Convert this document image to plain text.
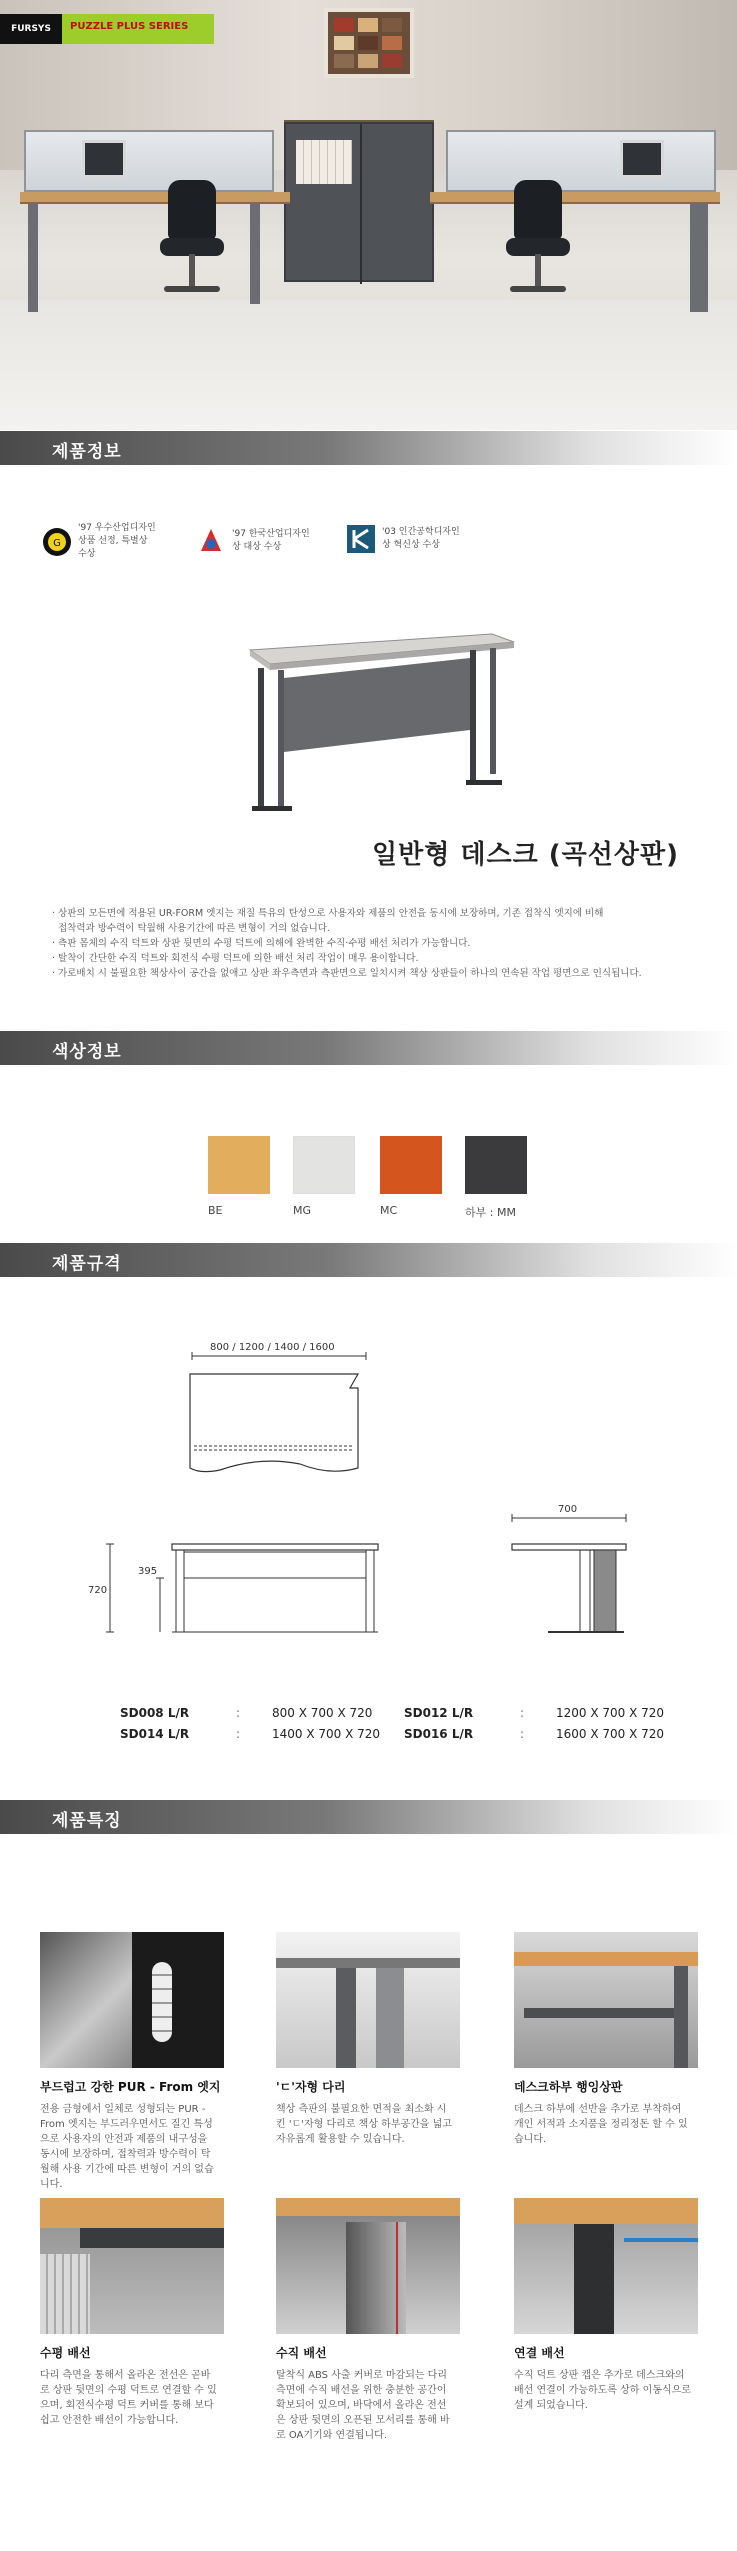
FURSYS	PUZZLE PLUS SERIES
제품정보
G
'97 우수산업디자인
상품 선정, 특별상
수상
'97 한국산업디자인
상 대상 수상
'03 인간공학디자인
상 혁신상 수상
일반형 데스크 (곡선상판)
· 상판의 모든면에 적용된 UR-FORM 엣지는 재질 특유의 탄성으로 사용자와 제품의 안전을 동시에 보장하며, 기존 접착식 엣지에 비해
접착력과 방수력이 탁월해 사용기간에 따른 변형이 거의 없습니다.
· 측판 몸체의 수직 덕트와 상판 뒷면의 수평 덕트에 의해에 완벽한 수직·수평 배선 처리가 가능합니다.
· 탈착이 간단한 수직 덕트와 회전식 수평 덕트에 의한 배선 처리 작업이 매우 용이합니다.
· 가로배치 시 불필요한 책상사이 공간을 없애고 상판 좌우측면과 측판면으로 일치시켜 책상 상판들이 하나의 연속된 작업 평면으로 인식됩니다.
색상정보
BE	MG	MC	하부 : MM
제품규격
800 / 1200 / 1400 / 1600
720
395
700
SD008 L/R	:	800 X 700 X 720	SD012 L/R	:	1200 X 700 X 720
SD014 L/R	:	1400 X 700 X 720 SD016 L/R	:	1600 X 700 X 720
제품특징
부드럽고 강한 PUR - From 엣지
전용 금형에서 일체로 성형되는 PUR - From 엣지는 부드러우면서도 질긴 특성으로 사용자의 안전과 제품의 내구성을 동시에 보장하며, 접착력과 방수력이 탁월해 사용 기간에 따른 변형이 거의 없습니다.
'ㄷ'자형 다리
책상 측판의 불필요한 면적을 최소화 시킨 'ㄷ'자형 다리로 책상 하부공간을 넓고 자유롭게 활용할 수 있습니다.
데스크하부 행잉상판
데스크 하부에 선반을 추가로 부착하여 개인 서적과 소지품을 정리정돈 할 수 있습니다.
수평 배선
다리 측면을 통해서 올라온 전선은 곧바로 상판 뒷면의 수평 덕트로 연결할 수 있으며, 회전식수평 덕트 커버를 통해 보다 쉽고 안전한 배선이 가능합니다.
수직 배선
탈착식 ABS 사출 커버로 마감되는 다리 측면에 수직 배선을 위한 충분한 공간이 확보되어 있으며, 바닥에서 올라온 전선은 상판 뒷면의 오픈된 모서리를 통해 바로 OA기기와 연결됩니다.
연결 배선
수직 덕트 상판 캡은 추가로 데스크와의 배선 연결이 가능하도록 상하 이동식으로 설계 되었습니다.
